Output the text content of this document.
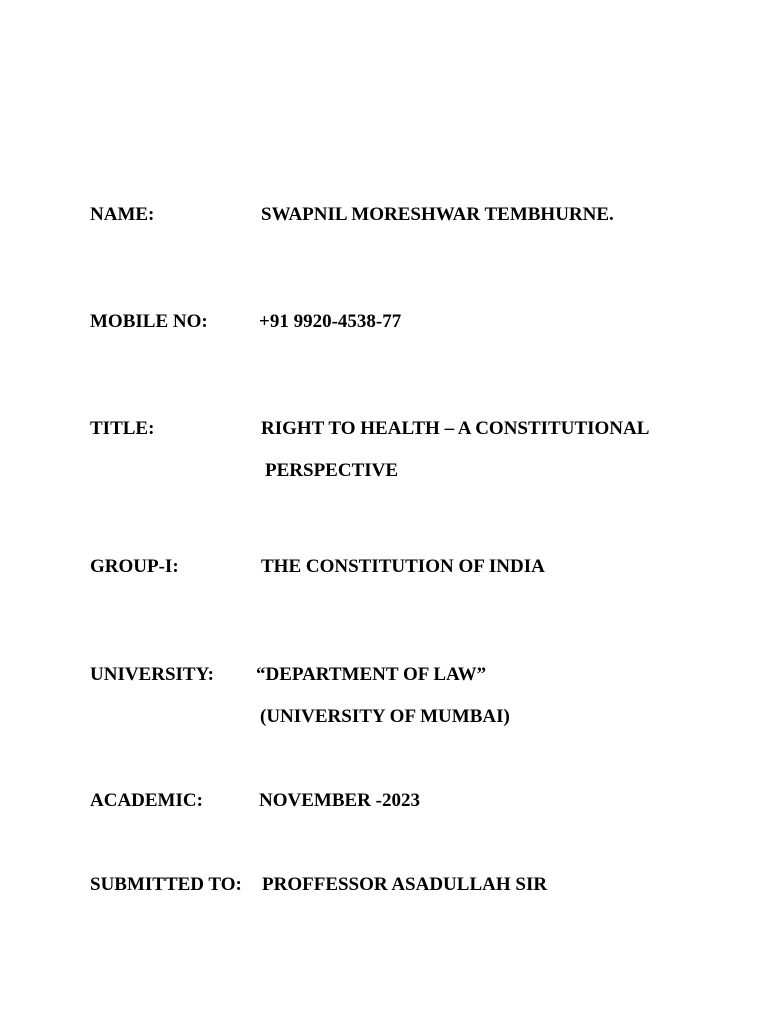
NAME:	SWAPNIL MORESHWAR TEMBHURNE.
MOBILE NO:	+91 9920-4538-77
TITLE:	RIGHT TO HEALTH – A CONSTITUTIONAL
PERSPECTIVE
GROUP-I:	THE CONSTITUTION OF INDIA
UNIVERSITY: “DEPARTMENT OF LAW”
(UNIVERSITY OF MUMBAI)
ACADEMIC:	NOVEMBER -2023
SUBMITTED TO: PROFFESSOR ASADULLAH SIR
